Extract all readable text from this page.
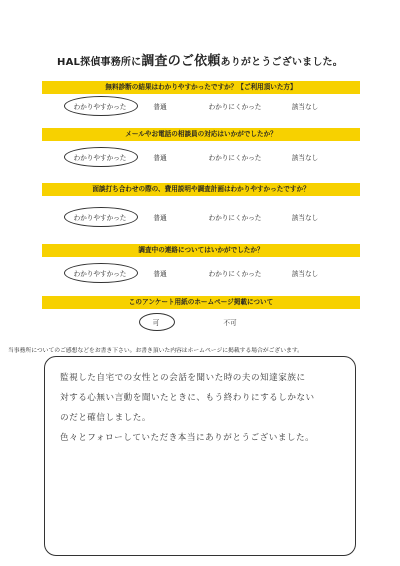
HAL探偵事務所に調査のご依頼ありがとうございました。
無料診断の結果はわかりやすかったですか？【ご利用頂いた方】
わかりやすかった	普通	わかりにくかった	該当なし
メールやお電話の相談員の対応はいかがでしたか？
わかりやすかった	普通	わかりにくかった	該当なし
面談打ち合わせの際の、費用説明や調査計画はわかりやすかったですか？
わかりやすかった	普通	わかりにくかった	該当なし
調査中の連絡についてはいかがでしたか？
わかりやすかった	普通	わかりにくかった	該当なし
このアンケート用紙のホームページ掲載について
可	不可
当事務所についてのご感想などをお書き下さい。お書き頂いた内容はホームページに掲載する場合がございます。
監視した自宅での女性との会話を聞いた時の夫の知達家族に
対する心無い言動を聞いたときに、もう終わりにするしかない
のだと確信しました。
色々とフォローしていただき本当にありがとうございました。
